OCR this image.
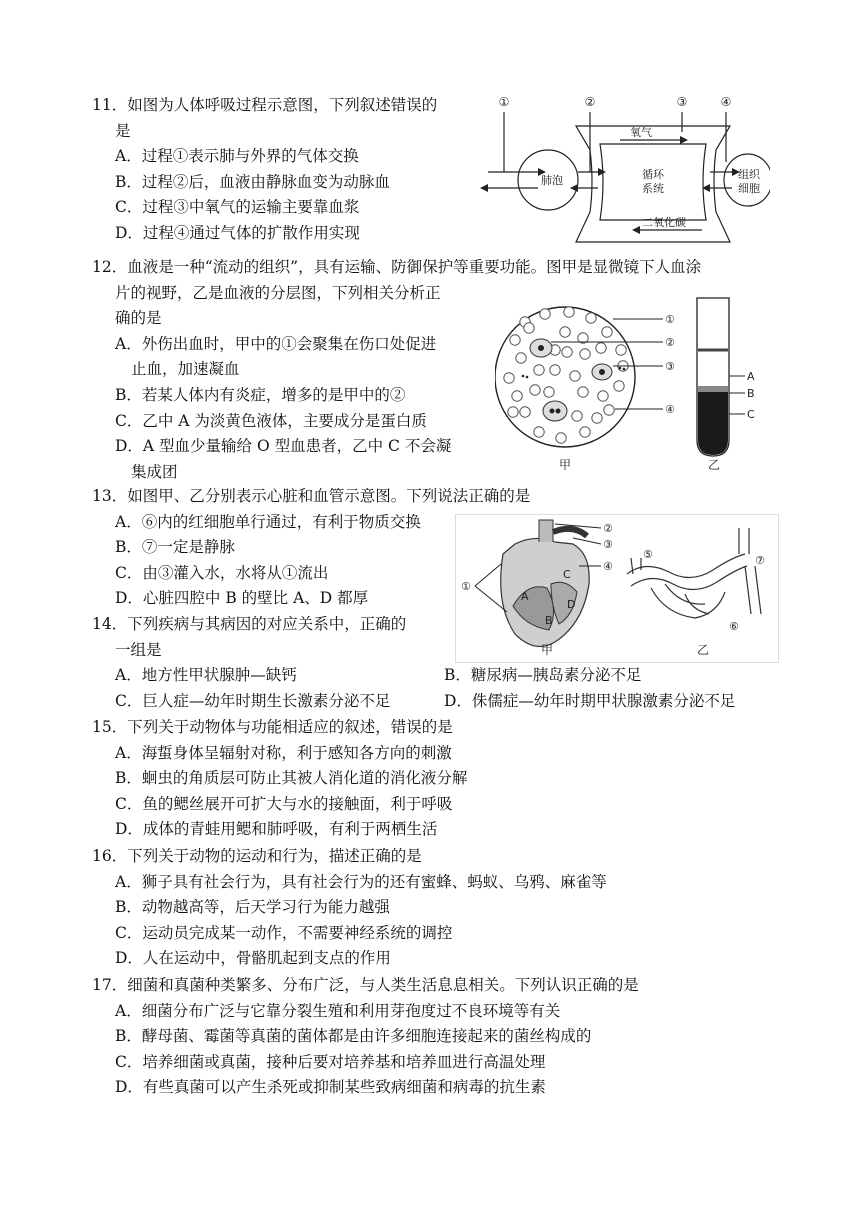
11．如图为人体呼吸过程示意图，下列叙述错误的
是
A．过程①表示肺与外界的气体交换
B．过程②后，血液由静脉血变为动脉血
C．过程③中氧气的运输主要靠血浆
D．过程④通过气体的扩散作用实现
①	②	③	④
肺泡
氧气
循环
系统
组织
细胞
二氧化碳
12．血液是一种“流动的组织”，具有运输、防御保护等重要功能。图甲是显微镜下人血涂
片的视野，乙是血液的分层图，下列相关分析正
确的是
A．外伤出血时，甲中的①会聚集在伤口处促进
止血，加速凝血
B．若某人体内有炎症，增多的是甲中的②
C．乙中 A 为淡黄色液体，主要成分是蛋白质
D．A 型血少量输给 O 型血患者，乙中 C 不会凝
集成团
①
②
③
④
甲	乙
A
B
C
13．如图甲、乙分别表示心脏和血管示意图。下列说法正确的是
A．⑥内的红细胞单行通过，有利于物质交换
B．⑦一定是静脉
C．由③灌入水，水将从①流出
D．心脏四腔中 B 的壁比 A、D 都厚
②
③
④
①
A
B
C
D
甲	乙
⑤
⑥
⑦
14．下列疾病与其病因的对应关系中，正确的
一组是
A．地方性甲状腺肿—缺钙	B．糖尿病—胰岛素分泌不足
C．巨人症—幼年时期生长激素分泌不足	D．侏儒症—幼年时期甲状腺激素分泌不足
15．下列关于动物体与功能相适应的叙述，错误的是
A．海蜇身体呈辐射对称，利于感知各方向的刺激
B．蛔虫的角质层可防止其被人消化道的消化液分解
C．鱼的鳃丝展开可扩大与水的接触面，利于呼吸
D．成体的青蛙用鳃和肺呼吸，有利于两栖生活
16．下列关于动物的运动和行为，描述正确的是
A．狮子具有社会行为，具有社会行为的还有蜜蜂、蚂蚁、乌鸦、麻雀等
B．动物越高等，后天学习行为能力越强
C．运动员完成某一动作，不需要神经系统的调控
D．人在运动中，骨骼肌起到支点的作用
17．细菌和真菌种类繁多、分布广泛，与人类生活息息相关。下列认识正确的是
A．细菌分布广泛与它靠分裂生殖和利用芽孢度过不良环境等有关
B．酵母菌、霉菌等真菌的菌体都是由许多细胞连接起来的菌丝构成的
C．培养细菌或真菌，接种后要对培养基和培养皿进行高温处理
D．有些真菌可以产生杀死或抑制某些致病细菌和病毒的抗生素
